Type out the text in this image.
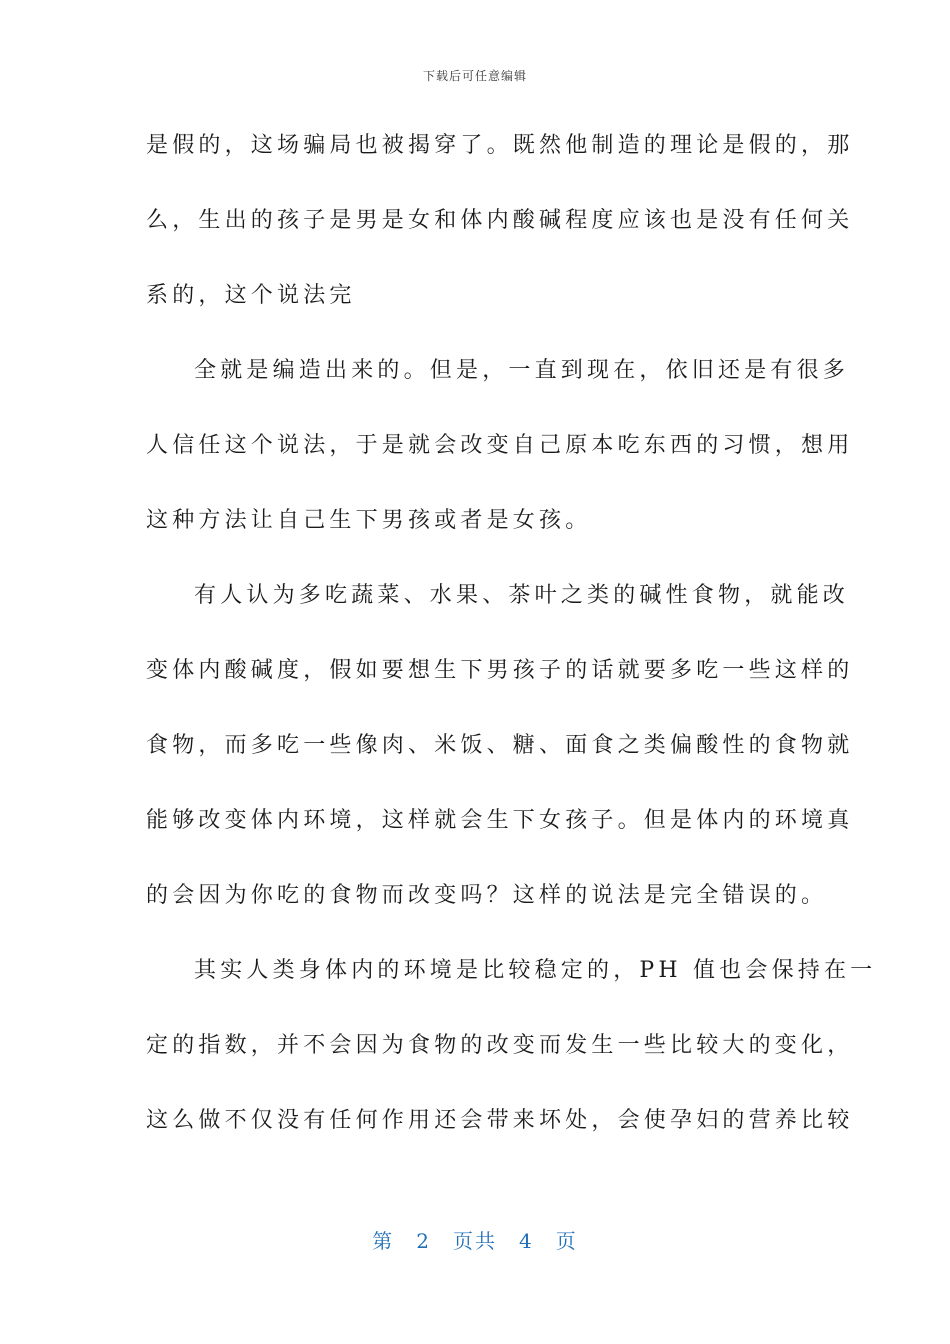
下载后可任意编辑
是假的，这场骗局也被揭穿了。既然他制造的理论是假的，那
么，生出的孩子是男是女和体内酸碱程度应该也是没有任何关
系的，这个说法完
全就是编造出来的。但是，一直到现在，依旧还是有很多
人信任这个说法，于是就会改变自己原本吃东西的习惯，想用
这种方法让自己生下男孩或者是女孩。
有人认为多吃蔬菜、水果、茶叶之类的碱性食物，就能改
变体内酸碱度，假如要想生下男孩子的话就要多吃一些这样的
食物，而多吃一些像肉、米饭、糖、面食之类偏酸性的食物就
能够改变体内环境，这样就会生下女孩子。但是体内的环境真
的会因为你吃的食物而改变吗？这样的说法是完全错误的。
其实人类身体内的环境是比较稳定的，PH 值也会保持在一
定的指数，并不会因为食物的改变而发生一些比较大的变化，
这么做不仅没有任何作用还会带来坏处，会使孕妇的营养比较
第 2 页共 4 页
